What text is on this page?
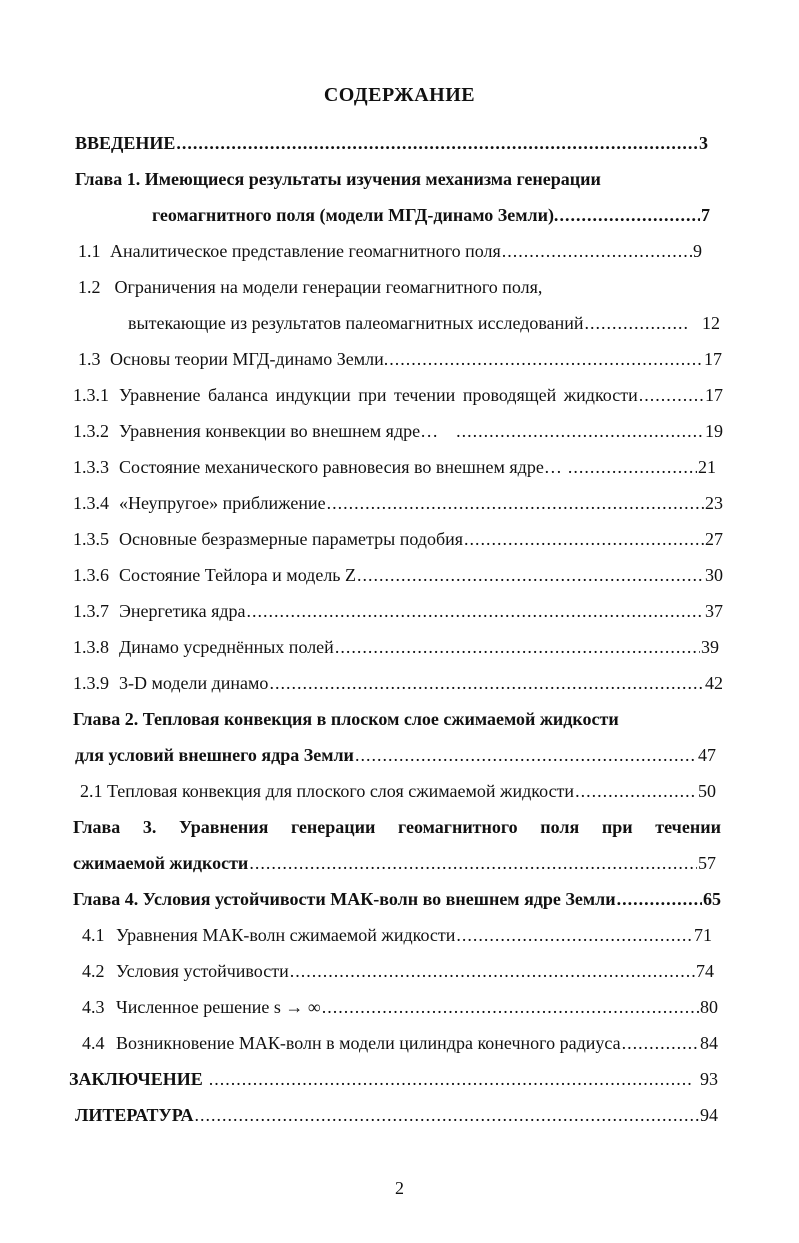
СОДЕРЖАНИЕ
ВВЕДЕНИЕ .....	3
Глава 1. Имеющиеся результаты изучения механизма генерации
геомагнитного поля (модели МГД-динамо Земли). .....	7
1.1 Аналитическое представление геомагнитного поля .....	9
1.2 Ограничения на модели генерации геомагнитного поля,
вытекающие из результатов палеомагнитных исследований .....	12
1.3 Основы теории МГД-динамо Земли. .....	17
1.3.1 Уравнение баланса индукции при течении проводящей жидкости .....	17
1.3.2 Уравнения конвекции во внешнем ядре… .....	19
1.3.3 Состояние механического равновесия во внешнем ядре… .....	21
1.3.4 «Неупругое» приближение .....	23
1.3.5 Основные безразмерные параметры подобия .....	27
1.3.6 Состояние Тейлора и модель Z .....	30
1.3.7 Энергетика ядра .....	37
1.3.8 Динамо усреднённых полей .....	39
1.3.9 3-D модели динамо .....	42
Глава 2. Тепловая конвекция в плоском слое сжимаемой жидкости
для условий внешнего ядра Земли .....	47
2.1 Тепловая конвекция для плоского слоя сжимаемой жидкости .....	50
Глава 3. Уравнения генерации геомагнитного поля при течении
сжимаемой жидкости .....	57
Глава 4. Условия устойчивости МАК-волн во внешнем ядре Земли .....	65
4.1 Уравнения МАК-волн сжимаемой жидкости .....	71
4.2 Условия устойчивости .....	74
4.3 Численное решение s → ∞ .....	80
4.4 Возникновение МАК-волн в модели цилиндра конечного радиуса .....	84
ЗАКЛЮЧЕНИЕ .....	93
ЛИТЕРАТУРА .....	94
2
